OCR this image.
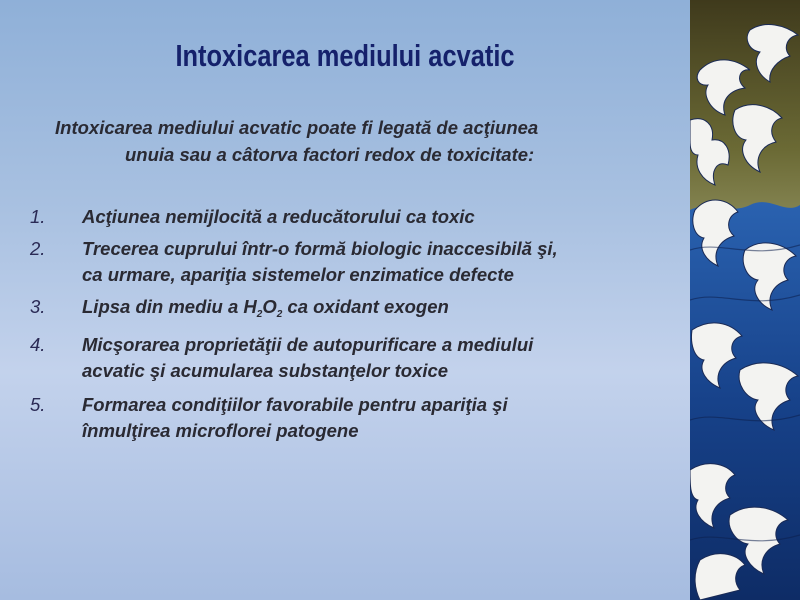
Intoxicarea mediului acvatic
Intoxicarea mediului acvatic poate fi legată de acţiunea
unuia sau a câtorva factori redox de toxicitate:
1. Acţiunea nemijlocită a reducătorului ca toxic
2. Trecerea cuprului într-o formă biologic inaccesibilă şi,
ca urmare, apariţia sistemelor enzimatice defecte
3. Lipsa din mediu a $H_2O_2$ ca oxidant exogen
4. Micşorarea proprietăţii de autopurificare a mediului
acvatic şi acumularea substanţelor toxice
5. Formarea condiţiilor favorabile pentru apariţia şi
înmulţirea microflorei patogene
